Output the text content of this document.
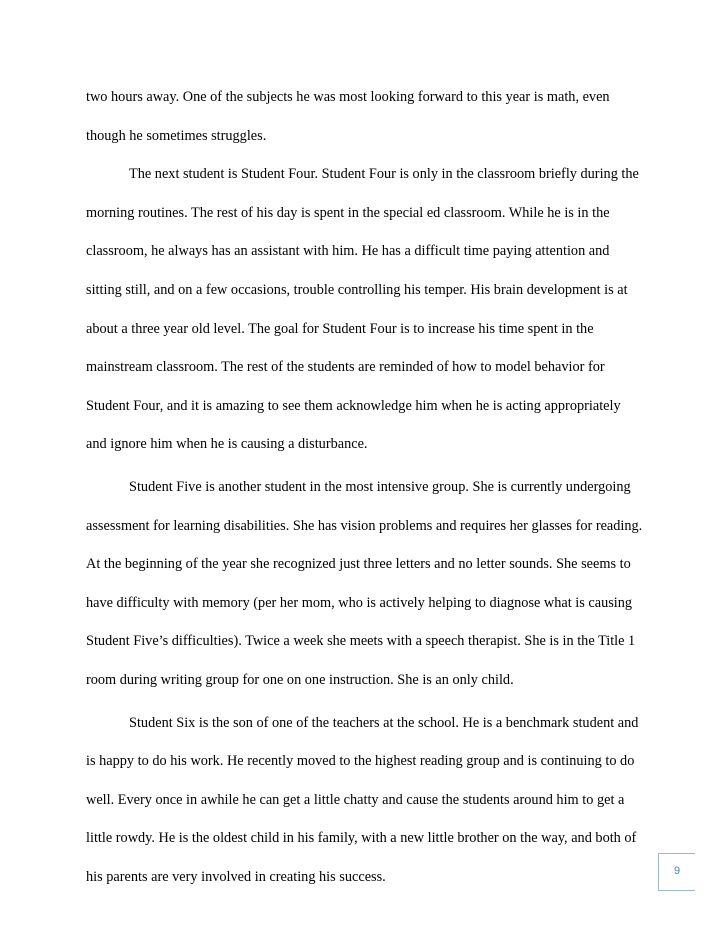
two hours away. One of the subjects he was most looking forward to this year is math, even
though he sometimes struggles.
The next student is Student Four. Student Four is only in the classroom briefly during the
morning routines. The rest of his day is spent in the special ed classroom. While he is in the
classroom, he always has an assistant with him. He has a difficult time paying attention and
sitting still, and on a few occasions, trouble controlling his temper. His brain development is at
about a three year old level. The goal for Student Four is to increase his time spent in the
mainstream classroom. The rest of the students are reminded of how to model behavior for
Student Four, and it is amazing to see them acknowledge him when he is acting appropriately
and ignore him when he is causing a disturbance.
Student Five is another student in the most intensive group. She is currently undergoing
assessment for learning disabilities. She has vision problems and requires her glasses for reading.
At the beginning of the year she recognized just three letters and no letter sounds. She seems to
have difficulty with memory (per her mom, who is actively helping to diagnose what is causing
Student Five’s difficulties). Twice a week she meets with a speech therapist. She is in the Title 1
room during writing group for one on one instruction. She is an only child.
Student Six is the son of one of the teachers at the school. He is a benchmark student and
is happy to do his work. He recently moved to the highest reading group and is continuing to do
well. Every once in awhile he can get a little chatty and cause the students around him to get a
little rowdy. He is the oldest child in his family, with a new little brother on the way, and both of
his parents are very involved in creating his success.	9
